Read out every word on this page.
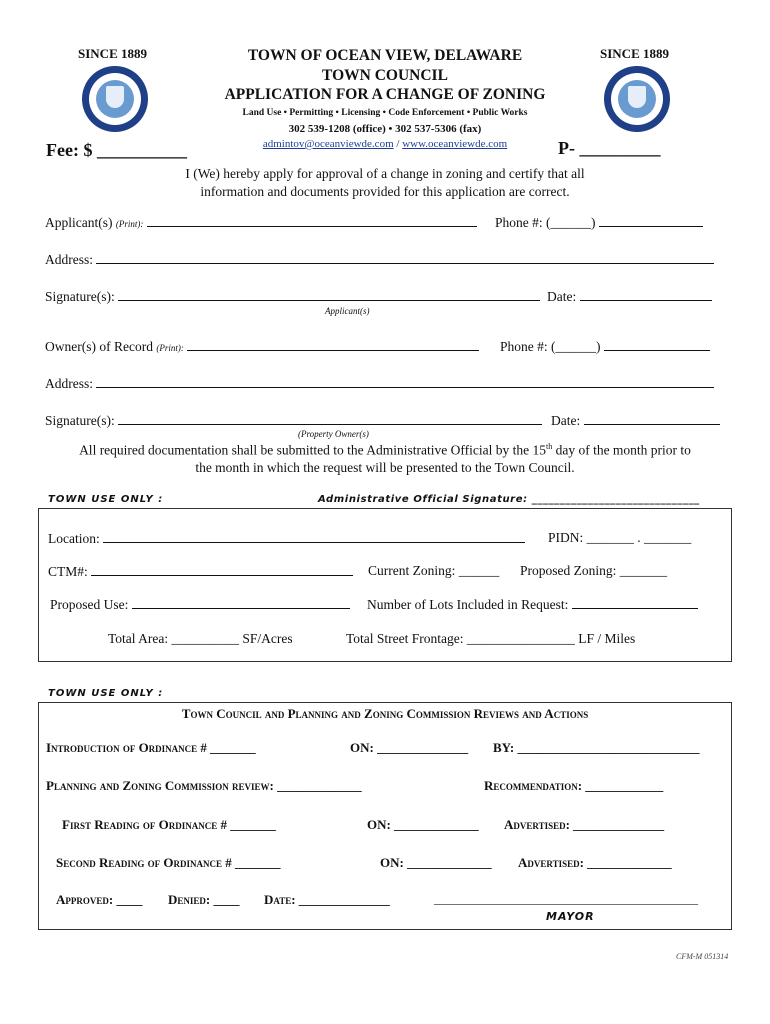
SINCE 1889	SINCE 1889
TOWN OF OCEAN VIEW, DELAWARE
TOWN COUNCIL
APPLICATION FOR A CHANGE OF ZONING
Land Use • Permitting • Licensing • Code Enforcement • Public Works
302 539-1208 (office) • 302 537-5306 (fax)
admintov@oceanviewde.com / www.oceanviewde.com
Fee: $ __________	P- _________
I (We) hereby apply for approval of a change in zoning and certify that all
information and documents provided for this application are correct.
Applicant(s) (Print):	Phone #: (______)
Address:
Signature(s):	Date:
Applicant(s)
Owner(s) of Record (Print):	Phone #: (______)
Address:
Signature(s):	Date:
(Property Owner(s)
All required documentation shall be submitted to the Administrative Official by the 15th day of the month prior to
the month in which the request will be presented to the Town Council.
TOWN USE ONLY :	Administrative Official Signature: ______________________________
Location:	PIDN: _______ . _______
CTM#:	Current Zoning: ______ Proposed Zoning: _______
Proposed Use:	Number of Lots Included in Request:
Total Area: __________ SF/Acres	Total Street Frontage: ________________ LF / Miles
TOWN USE ONLY :
Town Council and Planning and Zoning Commission Reviews and Actions
Introduction of Ordinance # _______	ON: ______________ BY: ____________________________
Planning and Zoning Commission review: _____________	Recommendation: ____________
First Reading of Ordinance # _______	ON: _____________ Advertised: ______________
Second Reading of Ordinance # _______	ON: _____________ Advertised: _____________
Approved: ____ Denied: ____ Date: ______________	____________________________________________
MAYOR
CFM-M 051314
